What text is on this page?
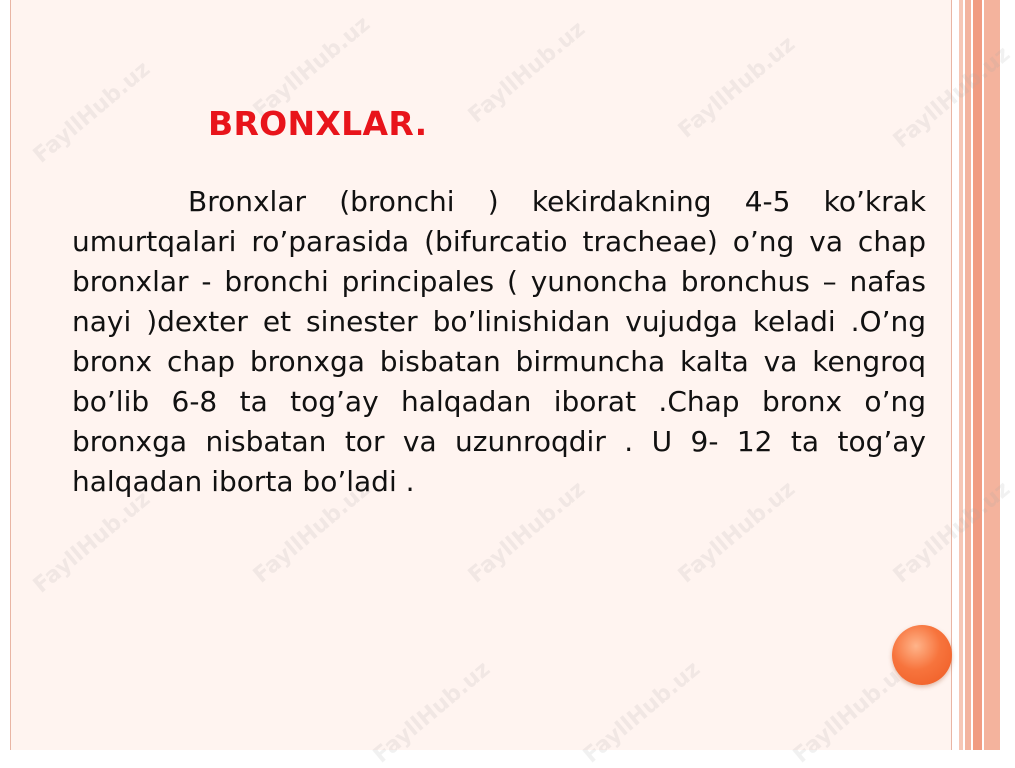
BRONXLAR.

Bronxlar (bronchi ) kekirdakning 4-5 ko’krak umurtqalari ro’parasida (bifurcatio tracheae) o’ng va chap bronxlar - bronchi principales ( yunoncha bronchus – nafas nayi )dexter et sinester bo’linishidan vujudga keladi .O’ng bronx chap bronxga bisbatan birmuncha kalta va kengroq bo’lib 6-8 ta tog’ay halqadan iborat .Chap bronx o’ng bronxga nisbatan tor va uzunroqdir . U 9- 12 ta tog’ay halqadan iborta bo’ladi .
